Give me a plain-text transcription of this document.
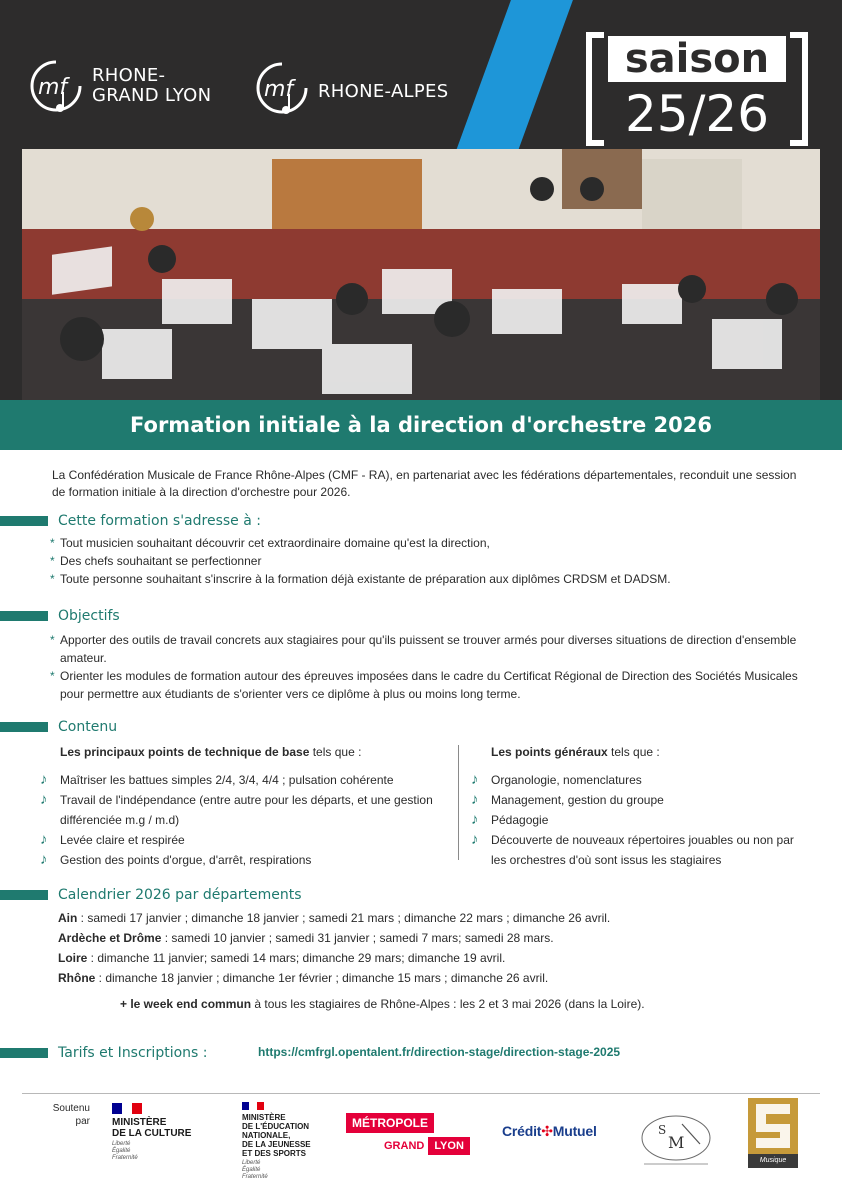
mf RHONE-
GRAND LYON mf RHONE-ALPES
saison
25/26
Formation initiale à la direction d'orchestre 2026

La Confédération Musicale de France Rhône-Alpes (CMF - RA), en partenariat avec les fédérations départementales, reconduit une session de formation initiale à la direction d'orchestre pour 2026.

Cette formation s'adresse à :
* Tout musicien souhaitant découvrir cet extraordinaire domaine qu'est la direction,
* Des chefs souhaitant se perfectionner
* Toute personne souhaitant s'inscrire à la formation déjà existante de préparation aux diplômes CRDSM et DADSM.
Objectifs
* Apporter des outils de travail concrets aux stagiaires pour qu'ils puissent se trouver armés pour diverses situations de direction d'ensemble amateur.
* Orienter les modules de formation autour des épreuves imposées dans le cadre du Certificat Régional de Direction des Sociétés Musicales pour permettre aux étudiants de s'orienter vers ce diplôme à plus ou moins long terme.
Contenu
Les principaux points de technique de base tels que :
♪ Maîtriser les battues simples 2/4, 3/4, 4/4 ; pulsation cohérente
♪ Travail de l'indépendance (entre autre pour les départs, et une gestion différenciée m.g / m.d)
♪ Levée claire et respirée
♪ Gestion des points d'orgue, d'arrêt, respirations
Les points généraux tels que :
♪ Organologie, nomenclatures
♪ Management, gestion du groupe
♪ Pédagogie
♪ Découverte de nouveaux répertoires jouables ou non par les orchestres d'où sont issus les stagiaires
Calendrier 2026 par départements
Ain : samedi 17 janvier ; dimanche 18 janvier ; samedi 21 mars ; dimanche 22 mars ; dimanche 26 avril.
Ardèche et Drôme : samedi 10 janvier ; samedi 31 janvier ; samedi 7 mars; samedi 28 mars.
Loire : dimanche 11 janvier; samedi 14 mars; dimanche 29 mars; dimanche 19 avril.
Rhône : dimanche 18 janvier ; dimanche 1er février ; dimanche 15 mars ; dimanche 26 avril.
+ le week end commun à tous les stagiaires de Rhône-Alpes : les 2 et 3 mai 2026 (dans la Loire).
Tarifs et Inscriptions :	https://cmfrgl.opentalent.fr/direction-stage/direction-stage-2025
Soutenu
par MINISTÈRE
DE LA CULTURE
Liberté
Égalité
Fraternité
MINISTÈRE
DE L'ÉDUCATION
NATIONALE,
DE LA JEUNESSE
ET DES SPORTS
Liberté
Égalité
Fraternité
MÉTROPOLE
GRAND LYON
Crédit✣Mutuel	S
M
Musique
